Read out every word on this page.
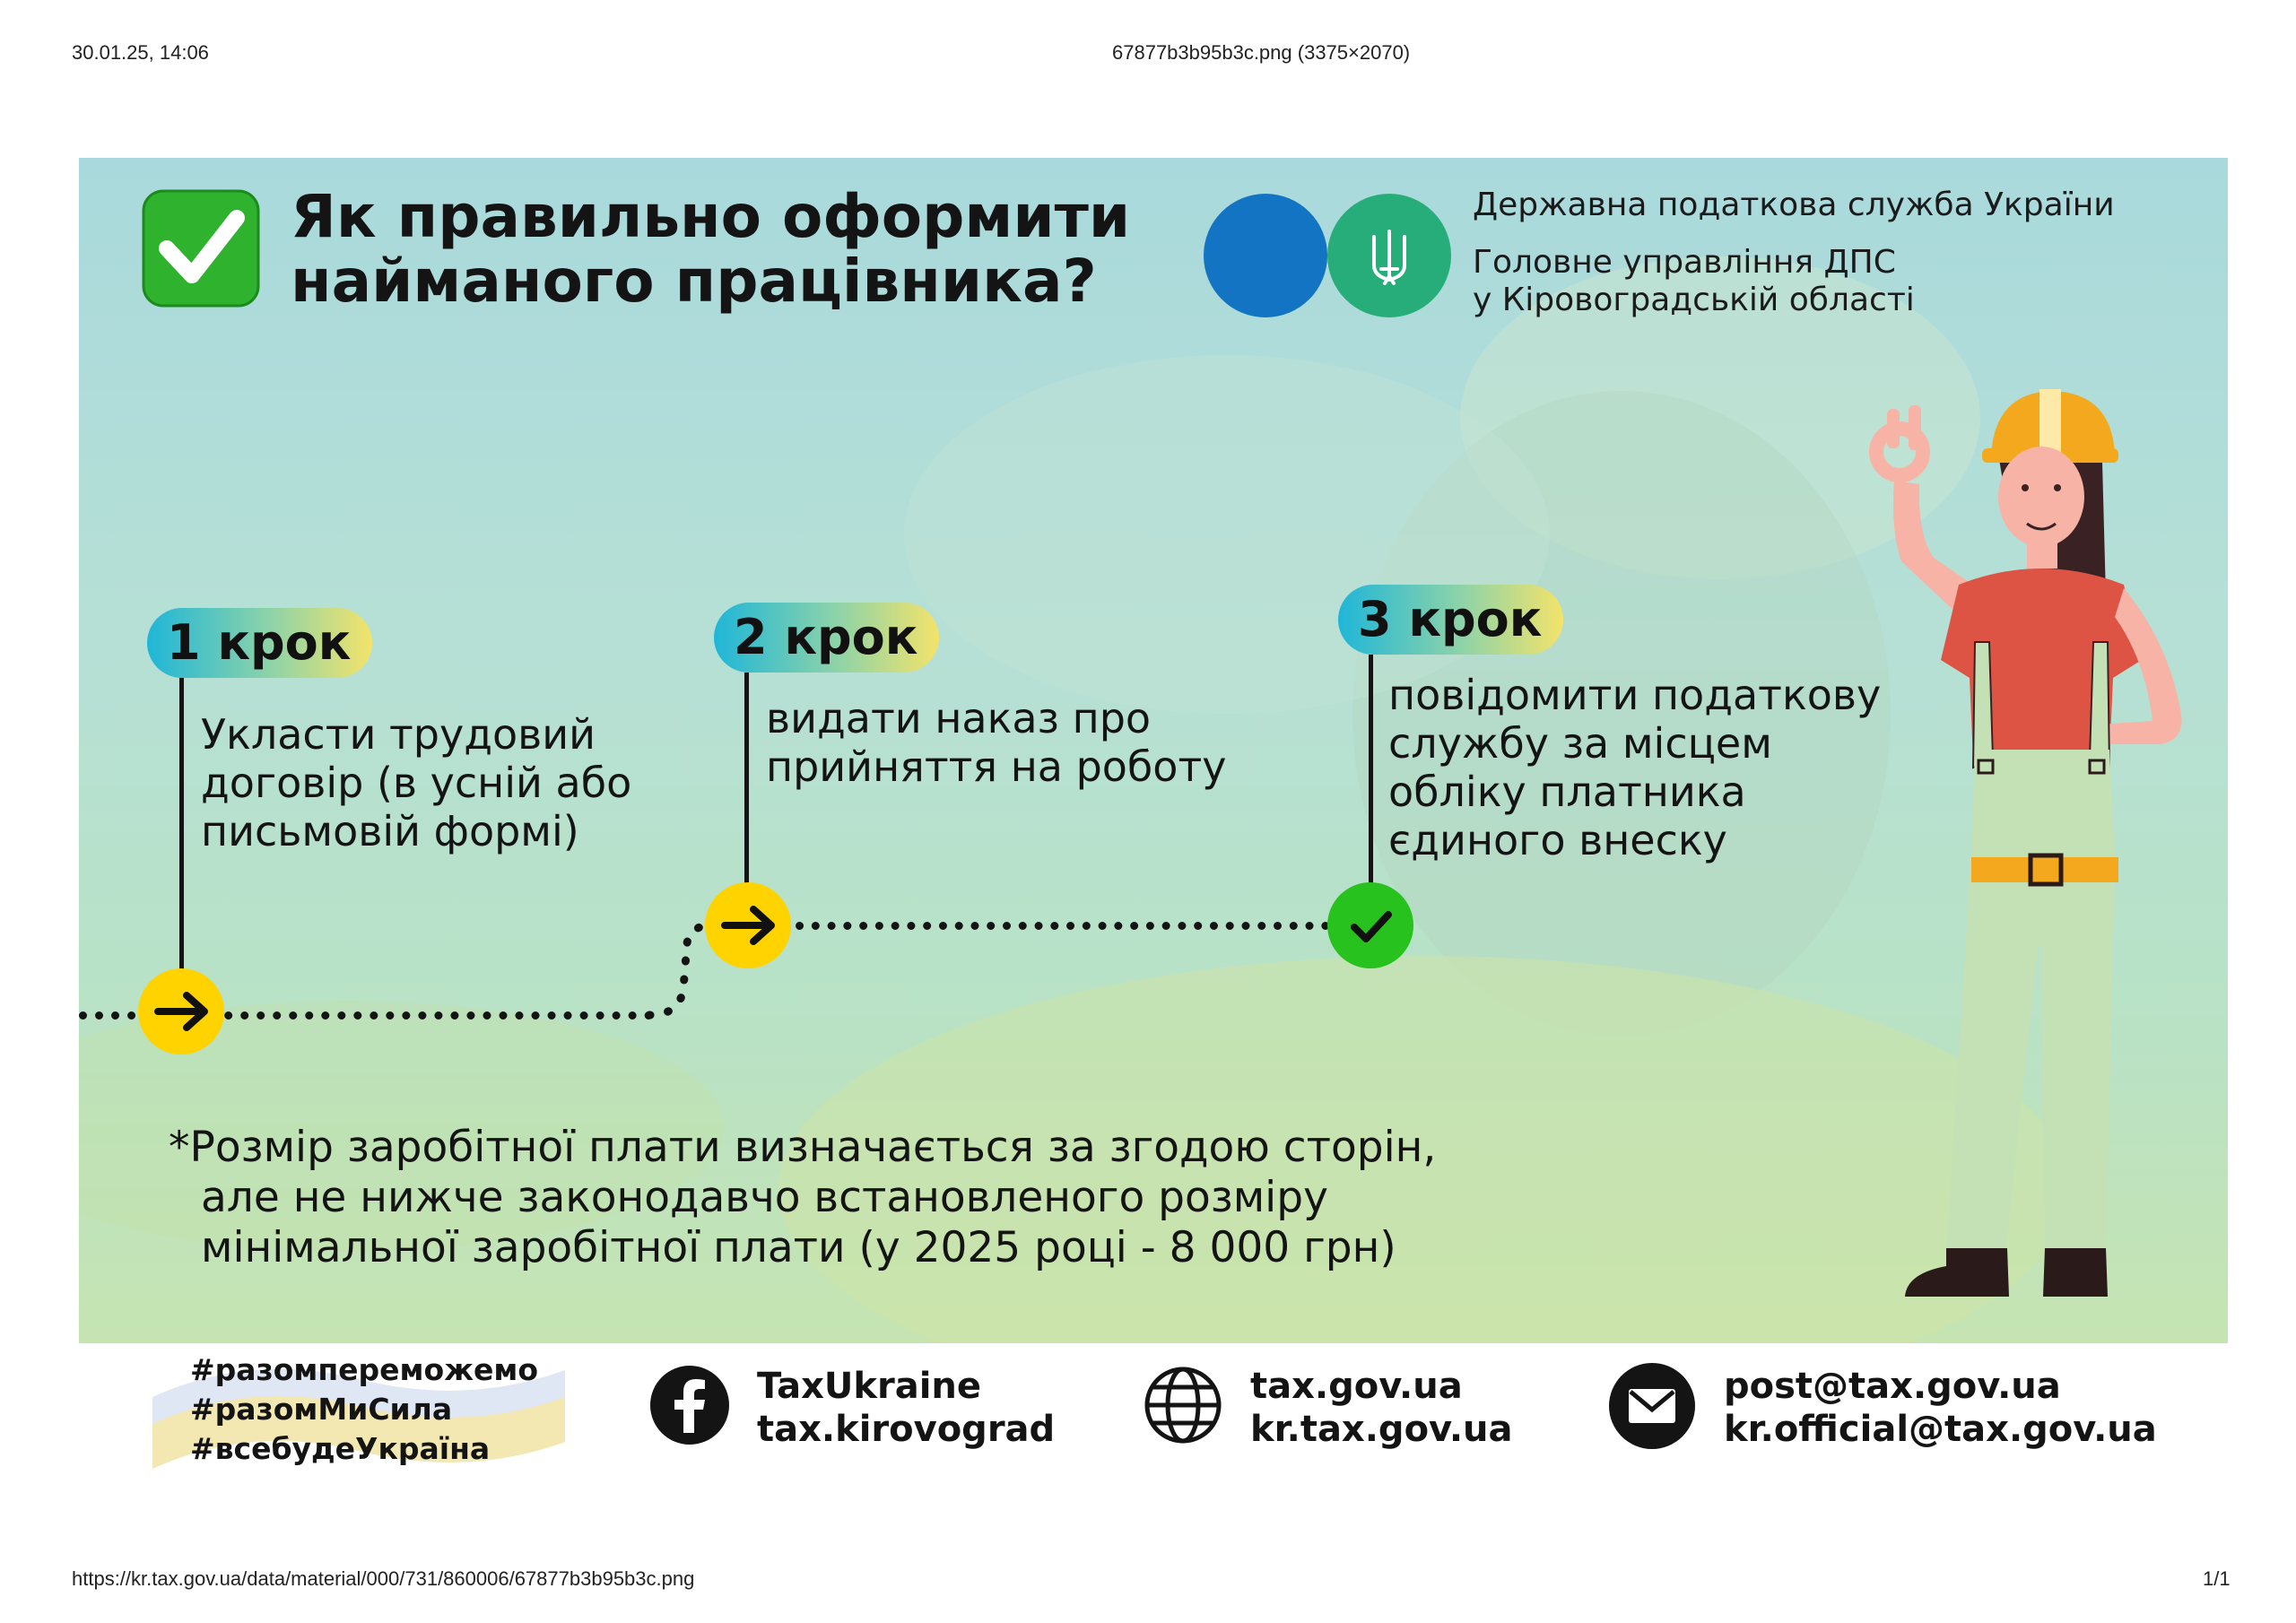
30.01.25, 14:06	67877b3b95b3c.png (3375×2070)
Як правильно оформити
найманого працівника?
Державна податкова служба України
Головне управління ДПС
у Кіровоградській області
1 крок
Укласти трудовий
договір (в усній або
письмовій формі)
2 крок
видати наказ про
прийняття на роботу
3 крок
повідомити податкову
службу за місцем
обліку платника
єдиного внеску
*Розмір заробітної плати визначається за згодою сторін,
але не нижче законодавчо встановленого розміру
мінімальної заробітної плати (у 2025 році - 8 000 грн)
#разомпереможемо
#разомМиСила
#всебудеУкраїна
TaxUkraine
tax.kirovograd
tax.gov.ua
kr.tax.gov.ua
post@tax.gov.ua
kr.official@tax.gov.ua
https://kr.tax.gov.ua/data/material/000/731/860006/67877b3b95b3c.png	1/1
